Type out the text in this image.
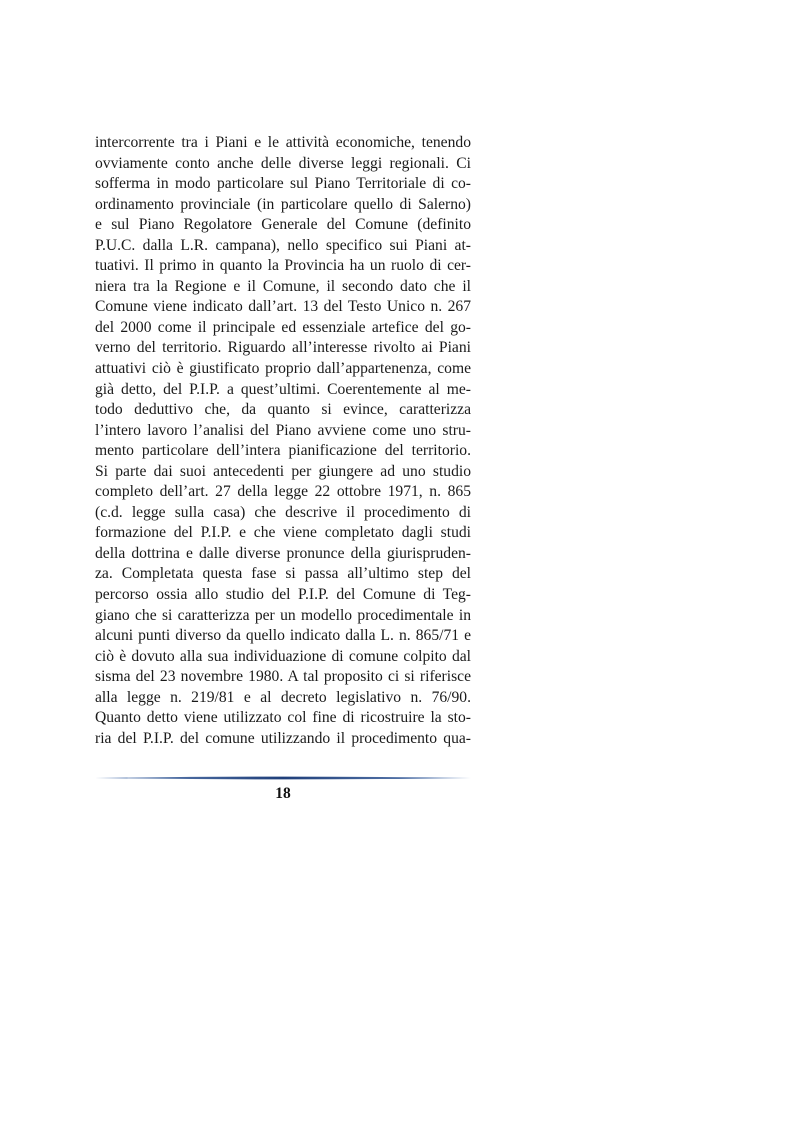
intercorrente tra i Piani e le attività economiche, tenendo
ovviamente conto anche delle diverse leggi regionali. Ci
sofferma in modo particolare sul Piano Territoriale di co-
ordinamento provinciale (in particolare quello di Salerno)
e sul Piano Regolatore Generale del Comune (definito
P.U.C. dalla L.R. campana), nello specifico sui Piani at-
tuativi. Il primo in quanto la Provincia ha un ruolo di cer-
niera tra la Regione e il Comune, il secondo dato che il
Comune viene indicato dall’art. 13 del Testo Unico n. 267
del 2000 come il principale ed essenziale artefice del go-
verno del territorio. Riguardo all’interesse rivolto ai Piani
attuativi ciò è giustificato proprio dall’appartenenza, come
già detto, del P.I.P. a quest’ultimi. Coerentemente al me-
todo deduttivo che, da quanto si evince, caratterizza
l’intero lavoro l’analisi del Piano avviene come uno stru-
mento particolare dell’intera pianificazione del territorio.
Si parte dai suoi antecedenti per giungere ad uno studio
completo dell’art. 27 della legge 22 ottobre 1971, n. 865
(c.d. legge sulla casa) che descrive il procedimento di
formazione del P.I.P. e che viene completato dagli studi
della dottrina e dalle diverse pronunce della giurispruden-
za. Completata questa fase si passa all’ultimo step del
percorso ossia allo studio del P.I.P. del Comune di Teg-
giano che si caratterizza per un modello procedimentale in
alcuni punti diverso da quello indicato dalla L. n. 865/71 e
ciò è dovuto alla sua individuazione di comune colpito dal
sisma del 23 novembre 1980. A tal proposito ci si riferisce
alla legge n. 219/81 e al decreto legislativo n. 76/90.
Quanto detto viene utilizzato col fine di ricostruire la sto-
ria del P.I.P. del comune utilizzando il procedimento qua-
18
